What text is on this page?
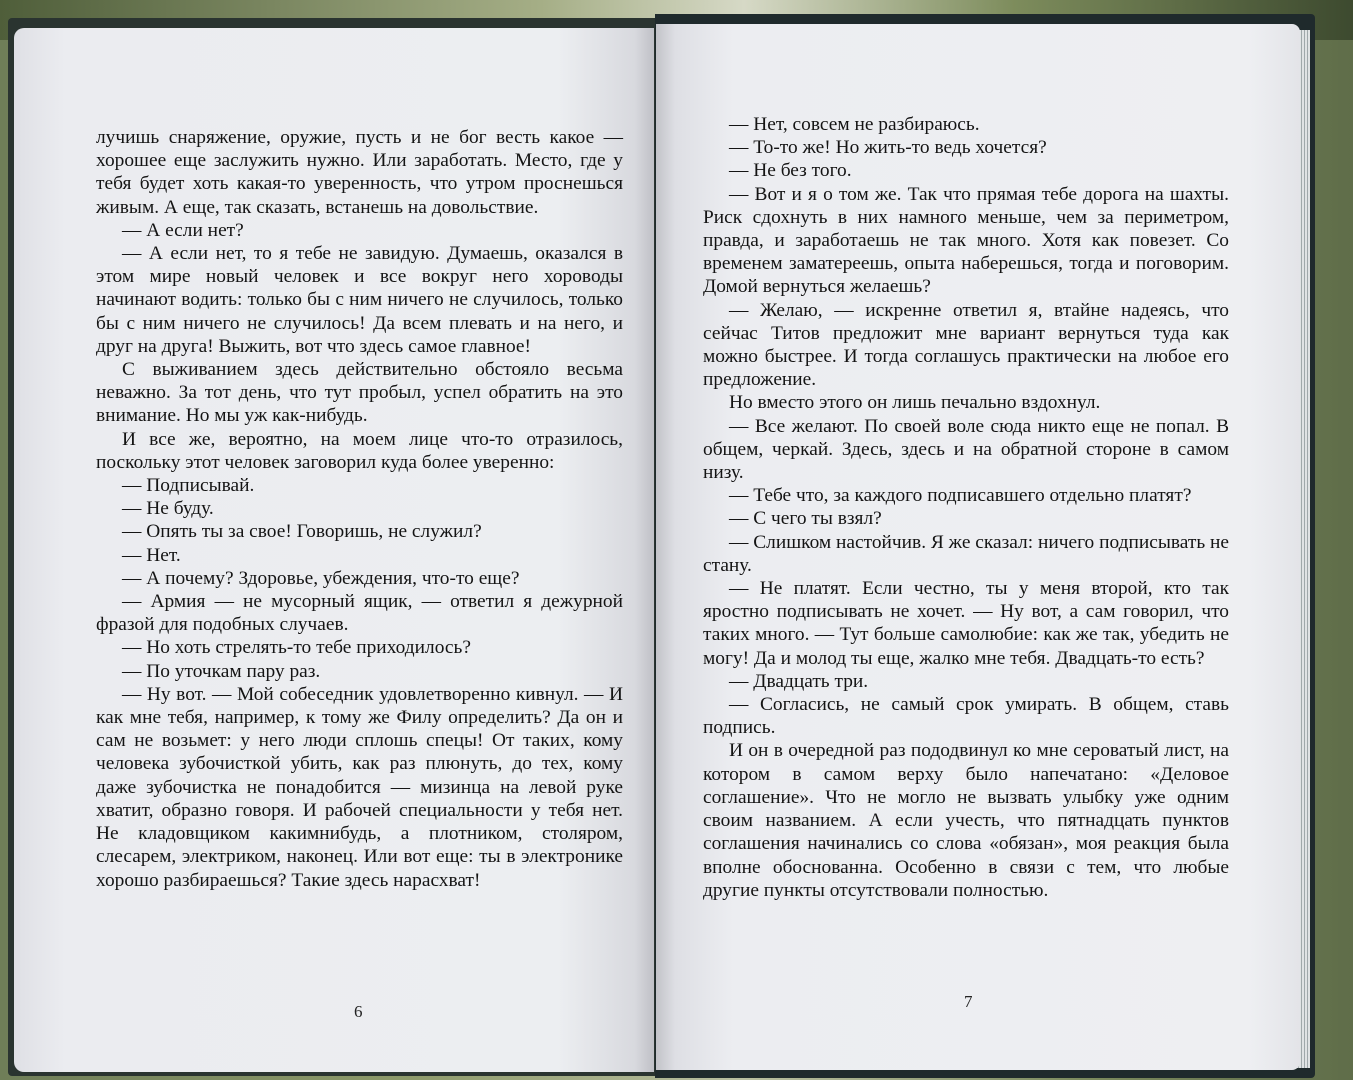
лучишь снаряжение, оружие, пусть и не бог весть какое — хорошее еще заслужить нужно. Или заработать. Место, где у тебя будет хоть какая-то уверенность, что утром проснешься живым. А еще, так сказать, встанешь на довольствие.

— А если нет?

— А если нет, то я тебе не завидую. Думаешь, оказался в этом мире новый человек и все вокруг него хороводы начинают водить: только бы с ним ничего не случилось, только бы с ним ничего не случилось! Да всем плевать и на него, и друг на друга! Выжить, вот что здесь самое главное!

С выживанием здесь действительно обстояло весьма неважно. За тот день, что тут пробыл, успел обратить на это внимание. Но мы уж как-нибудь.

И все же, вероятно, на моем лице что-то отразилось, поскольку этот человек заговорил куда более уверенно:

— Подписывай.

— Не буду.

— Опять ты за свое! Говоришь, не служил?

— Нет.

— А почему? Здоровье, убеждения, что-то еще?

— Армия — не мусорный ящик, — ответил я дежурной фразой для подобных случаев.

— Но хоть стрелять-то тебе приходилось?

— По уточкам пару раз.

— Ну вот. — Мой собеседник удовлетворенно кивнул. — И как мне тебя, например, к тому же Филу определить? Да он и сам не возьмет: у него люди сплошь спецы! От таких, кому человека зубочисткой убить, как раз плюнуть, до тех, кому даже зубочистка не понадобится — мизинца на левой руке хватит, образно говоря. И рабочей специальности у тебя нет. Не кладовщиком какимнибудь, а плотником, столяром, слесарем, электриком, наконец. Или вот еще: ты в электронике хорошо разбираешься? Такие здесь нарасхват!

6

— Нет, совсем не разбираюсь.

— То-то же! Но жить-то ведь хочется?

— Не без того.

— Вот и я о том же. Так что прямая тебе дорога на шахты. Риск сдохнуть в них намного меньше, чем за периметром, правда, и заработаешь не так много. Хотя как повезет. Со временем заматереешь, опыта наберешься, тогда и поговорим. Домой вернуться желаешь?

— Желаю, — искренне ответил я, втайне надеясь, что сейчас Титов предложит мне вариант вернуться туда как можно быстрее. И тогда соглашусь практически на любое его предложение.

Но вместо этого он лишь печально вздохнул.

— Все желают. По своей воле сюда никто еще не попал. В общем, черкай. Здесь, здесь и на обратной стороне в самом низу.

— Тебе что, за каждого подписавшего отдельно платят?

— С чего ты взял?

— Слишком настойчив. Я же сказал: ничего подписывать не стану.

— Не платят. Если честно, ты у меня второй, кто так яростно подписывать не хочет. — Ну вот, а сам говорил, что таких много. — Тут больше самолюбие: как же так, убедить не могу! Да и молод ты еще, жалко мне тебя. Двадцать-то есть?

— Двадцать три.

— Согласись, не самый срок умирать. В общем, ставь подпись.

И он в очередной раз пододвинул ко мне сероватый лист, на котором в самом верху было напечатано: «Деловое соглашение». Что не могло не вызвать улыбку уже одним своим названием. А если учесть, что пятнадцать пунктов соглашения начинались со слова «обязан», моя реакция была вполне обоснованна. Особенно в связи с тем, что любые другие пункты отсутствовали полностью.

7
